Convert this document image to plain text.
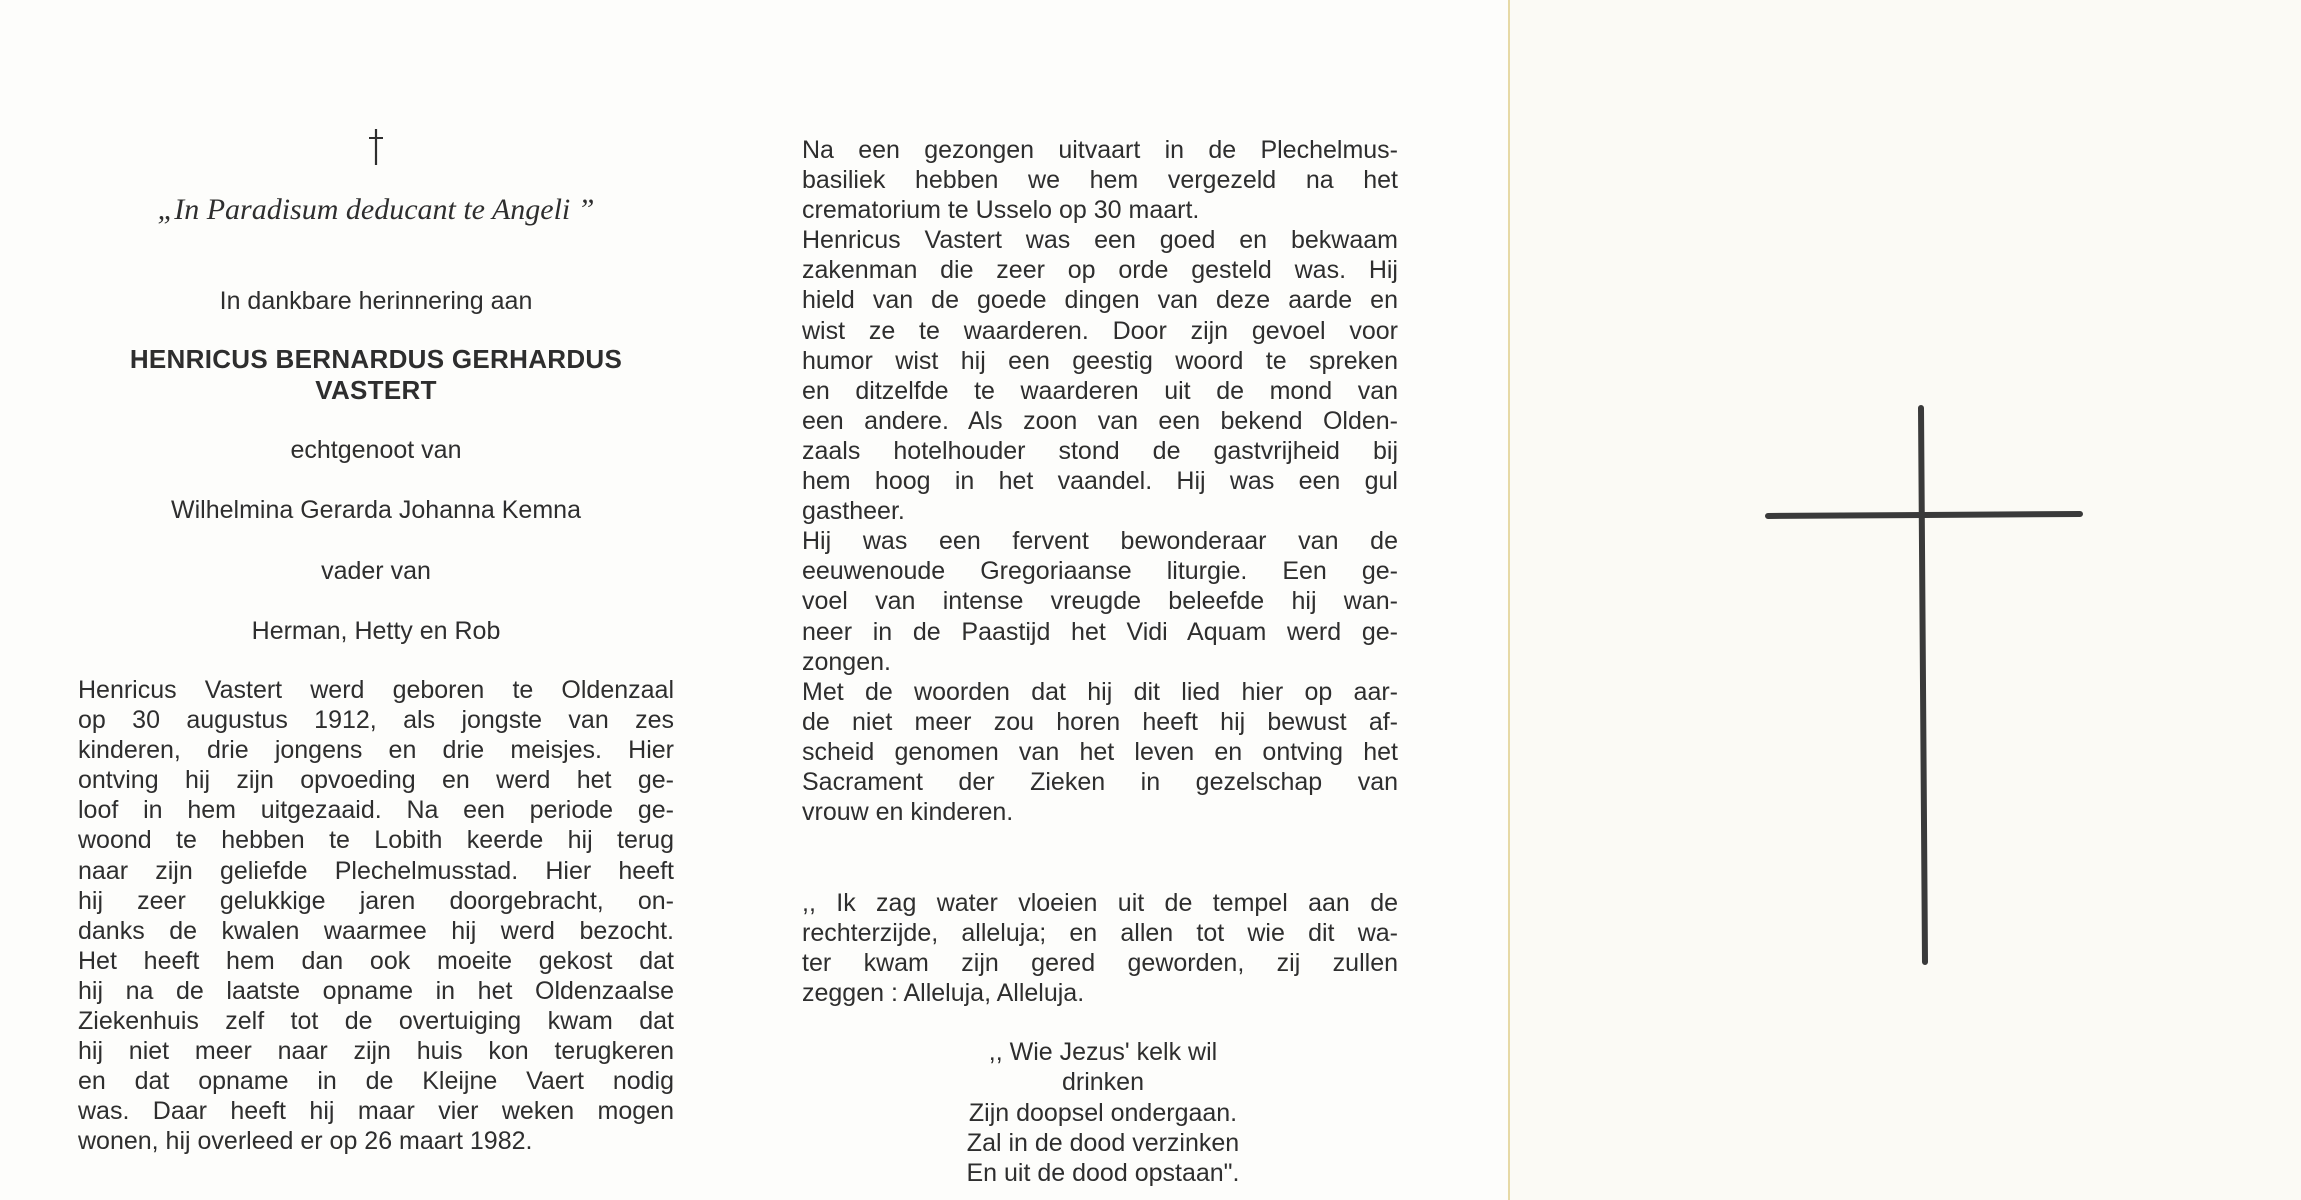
„In Paradisum deducant te Angeli ”
In dankbare herinnering aan
HENRICUS BERNARDUS GERHARDUS
VASTERT
echtgenoot van
Wilhelmina Gerarda Johanna Kemna
vader van
Herman, Hetty en Rob
Henricus Vastert werd geboren te Oldenzaal
op 30 augustus 1912, als jongste van zes
kinderen, drie jongens en drie meisjes. Hier
ontving hij zijn opvoeding en werd het ge-
loof in hem uitgezaaid. Na een periode ge-
woond te hebben te Lobith keerde hij terug
naar zijn geliefde Plechelmusstad. Hier heeft
hij zeer gelukkige jaren doorgebracht, on-
danks de kwalen waarmee hij werd bezocht.
Het heeft hem dan ook moeite gekost dat
hij na de laatste opname in het Oldenzaalse
Ziekenhuis zelf tot de overtuiging kwam dat
hij niet meer naar zijn huis kon terugkeren
en dat opname in de Kleijne Vaert nodig
was. Daar heeft hij maar vier weken mogen
wonen, hij overleed er op 26 maart 1982.
Na een gezongen uitvaart in de Plechelmus-
basiliek hebben we hem vergezeld na het
crematorium te Usselo op 30 maart.
Henricus Vastert was een goed en bekwaam
zakenman die zeer op orde gesteld was. Hij
hield van de goede dingen van deze aarde en
wist ze te waarderen. Door zijn gevoel voor
humor wist hij een geestig woord te spreken
en ditzelfde te waarderen uit de mond van
een andere. Als zoon van een bekend Olden-
zaals hotelhouder stond de gastvrijheid bij
hem hoog in het vaandel. Hij was een gul
gastheer.
Hij was een fervent bewonderaar van de
eeuwenoude Gregoriaanse liturgie. Een ge-
voel van intense vreugde beleefde hij wan-
neer in de Paastijd het Vidi Aquam werd ge-
zongen.
Met de woorden dat hij dit lied hier op aar-
de niet meer zou horen heeft hij bewust af-
scheid genomen van het leven en ontving het
Sacrament der Zieken in gezelschap van
vrouw en kinderen.
,, Ik zag water vloeien uit de tempel aan de
rechterzijde, alleluja; en allen tot wie dit wa-
ter kwam zijn gered geworden, zij zullen
zeggen : Alleluja, Alleluja.
,, Wie Jezus' kelk wil drinken
Zijn doopsel ondergaan.
Zal in de dood verzinken
En uit de dood opstaan".
